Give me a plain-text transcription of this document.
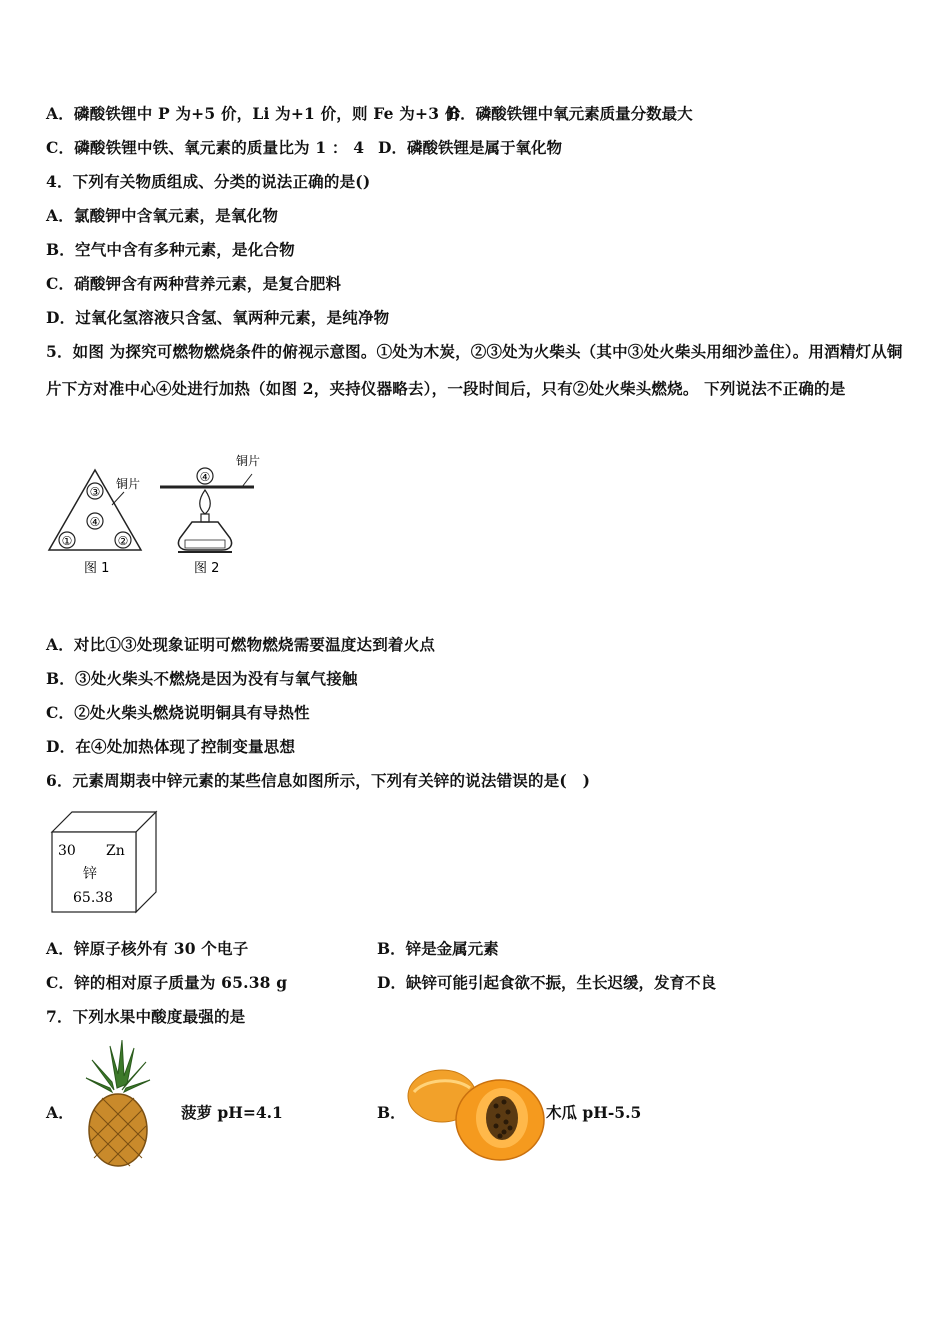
A．磷酸铁锂中 P 为+5 价，Li 为+1 价，则 Fe 为+3 价
B．磷酸铁锂中氧元素质量分数最大
C．磷酸铁锂中铁、氧元素的质量比为 1 ： 4 D．磷酸铁锂是属于氧化物
4．下列有关物质组成、分类的说法正确的是()
A．氯酸钾中含氧元素，是氧化物
B．空气中含有多种元素，是化合物
C．硝酸钾含有两种营养元素，是复合肥料
D．过氧化氢溶液只含氢、氧两种元素，是纯净物
5．如图 为探究可燃物燃烧条件的俯视示意图。①处为木炭，②③处为火柴头（其中③处火柴头用细沙盖住）。用酒精灯从铜片下方对准中心④处进行加热（如图 2，夹持仪器略去），一段时间后，只有②处火柴头燃烧。 下列说法不正确的是
③
④
①	②
铜片
图 1
铜片
④
图 2
A．对比①③处现象证明可燃物燃烧需要温度达到着火点
B．③处火柴头不燃烧是因为没有与氧气接触
C．②处火柴头燃烧说明铜具有导热性
D．在④处加热体现了控制变量思想
6．元素周期表中锌元素的某些信息如图所示，下列有关锌的说法错误的是(　)
30 Zn
锌
65.38
A．锌原子核外有 30 个电子	B．锌是金属元素
C．锌的相对原子质量为 65.38 g	D．缺锌可能引起食欲不振，生长迟缓，发育不良
7．下列水果中酸度最强的是
A．	菠萝 pH=4.1	B．	木瓜 pH-5.5
